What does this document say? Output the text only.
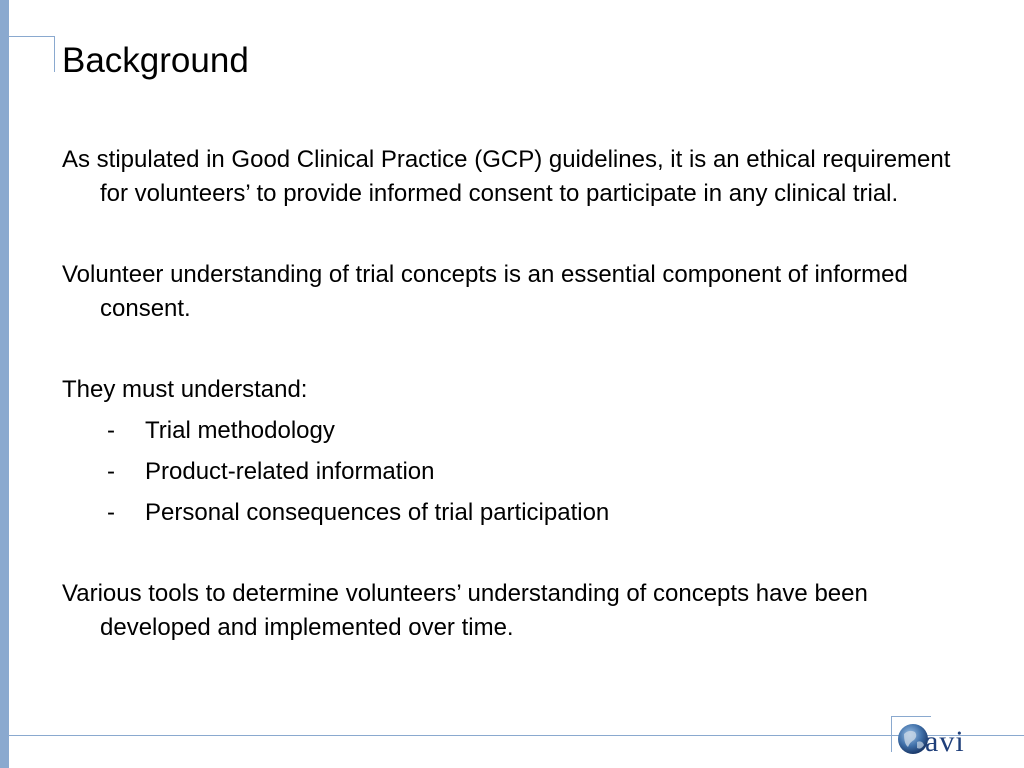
Background

As stipulated in Good Clinical Practice (GCP) guidelines, it is an ethical requirement for volunteers’ to provide informed consent to participate in any clinical trial.

Volunteer understanding of trial concepts is an essential component of informed consent.

They must understand:

-	Trial methodology
-	Product-related information
-	Personal consequences of trial participation

Various tools to determine volunteers’ understanding of concepts have been developed and implemented over time.

avi
